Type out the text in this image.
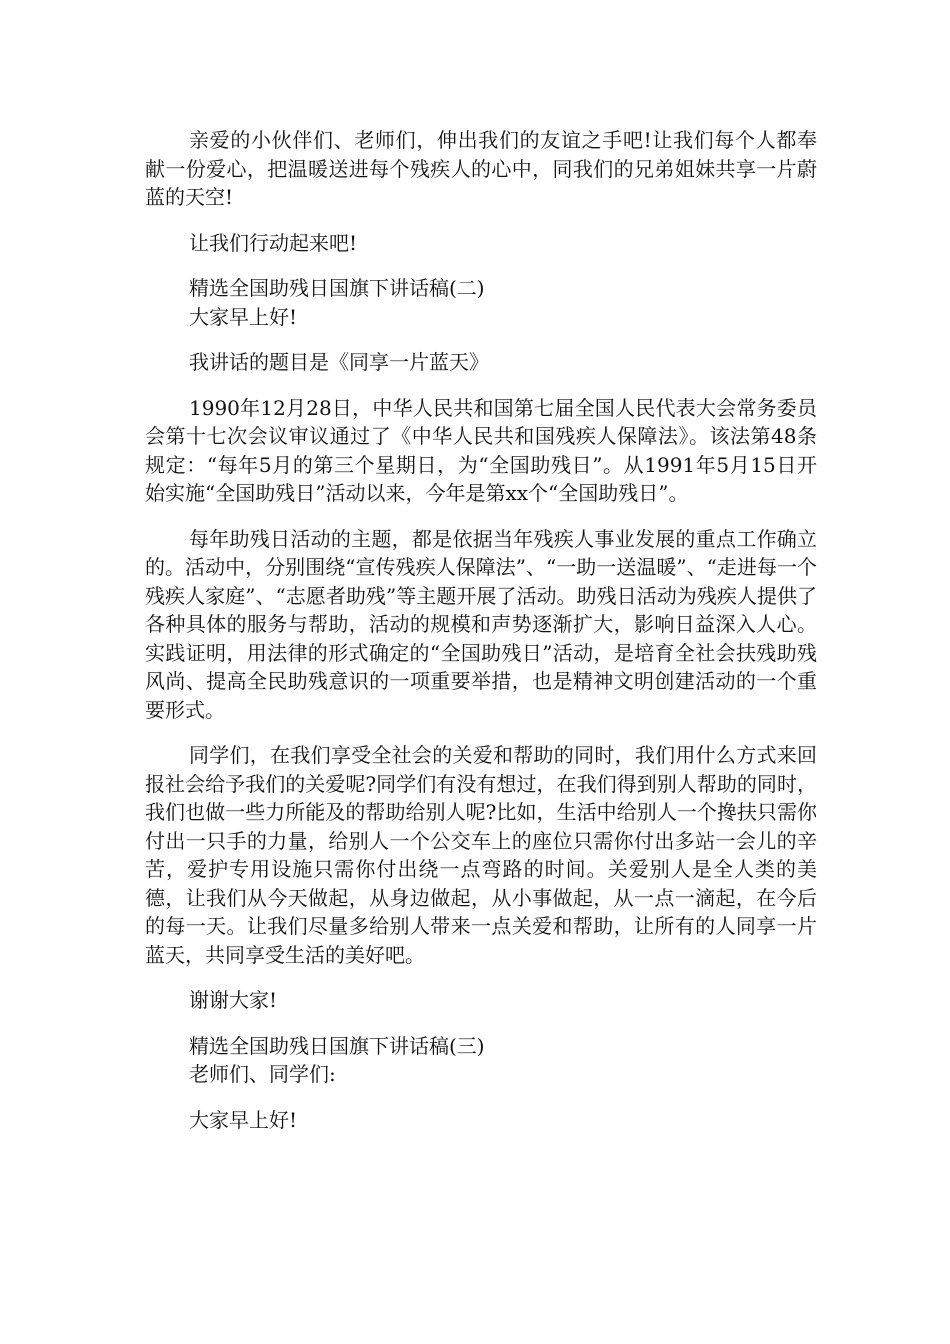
亲爱的小伙伴们、老师们，伸出我们的友谊之手吧!让我们每个人都奉献一份爱心，把温暖送进每个残疾人的心中，同我们的兄弟姐妹共享一片蔚蓝的天空!

让我们行动起来吧!

精选全国助残日国旗下讲话稿(二)

大家早上好!

我讲话的题目是《同享一片蓝天》

1990年12月28日，中华人民共和国第七届全国人民代表大会常务委员会第十七次会议审议通过了《中华人民共和国残疾人保障法》。该法第48条规定：“每年5月的第三个星期日，为“全国助残日”。从1991年5月15日开始实施“全国助残日”活动以来，今年是第xx个“全国助残日”。

每年助残日活动的主题，都是依据当年残疾人事业发展的重点工作确立的。活动中，分别围绕“宣传残疾人保障法”、“一助一送温暖”、“走进每一个残疾人家庭”、“志愿者助残”等主题开展了活动。助残日活动为残疾人提供了各种具体的服务与帮助，活动的规模和声势逐渐扩大，影响日益深入人心。实践证明，用法律的形式确定的“全国助残日”活动，是培育全社会扶残助残风尚、提高全民助残意识的一项重要举措，也是精神文明创建活动的一个重要形式。

同学们，在我们享受全社会的关爱和帮助的同时，我们用什么方式来回报社会给予我们的关爱呢?同学们有没有想过，在我们得到别人帮助的同时，我们也做一些力所能及的帮助给别人呢?比如，生活中给别人一个搀扶只需你付出一只手的力量，给别人一个公交车上的座位只需你付出多站一会儿的辛苦，爱护专用设施只需你付出绕一点弯路的时间。关爱别人是全人类的美德，让我们从今天做起，从身边做起，从小事做起，从一点一滴起，在今后的每一天。让我们尽量多给别人带来一点关爱和帮助，让所有的人同享一片蓝天，共同享受生活的美好吧。

谢谢大家!

精选全国助残日国旗下讲话稿(三)

老师们、同学们:

大家早上好!
